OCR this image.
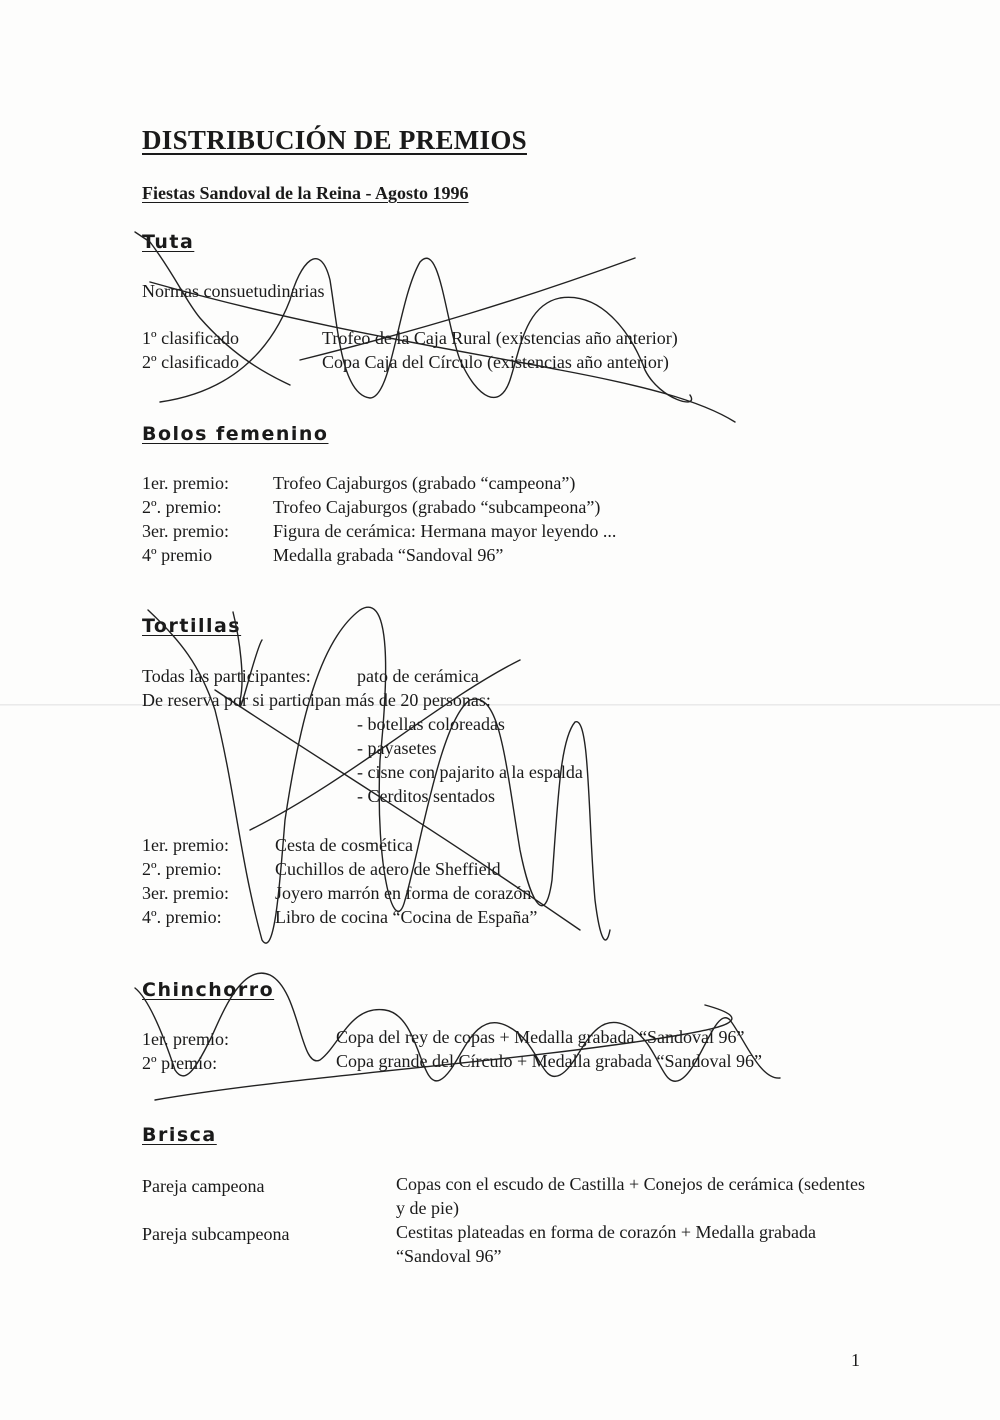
DISTRIBUCIÓN DE PREMIOS
Fiestas Sandoval de la Reina - Agosto 1996
Tuta
Normas consuetudinarias
1º clasificado	Trofeo de la Caja Rural (existencias año anterior)
2º clasificado	Copa Caja del Círculo (existencias año anterior)
Bolos femenino
1er. premio: Trofeo Cajaburgos (grabado “campeona”)
2º. premio:	Trofeo Cajaburgos (grabado “subcampeona”)
3er. premio: Figura de cerámica: Hermana mayor leyendo ...
4º premio	Medalla grabada “Sandoval 96”
Tortillas
Todas las participantes:	pato de cerámica
De reserva por si participan más de 20 personas:
- botellas coloreadas
- payasetes
- cisne con pajarito a la espalda
- Cerditos sentados
1er. premio:	Cesta de cosmética
2º. premio:	Cuchillos de acero de Sheffield
3er. premio:	Joyero marrón en forma de corazón
4º. premio:	Libro de cocina “Cocina de España”
Chinchorro
1er. premio:	Copa del rey de copas + Medalla grabada “Sandoval 96”
2º premio:	Copa grande del Círculo + Medalla grabada “Sandoval 96”
Brisca
Pareja campeona	Copas con el escudo de Castilla + Conejos de cerámica (sedentes y de pie)
Pareja subcampeona	Cestitas plateadas en forma de corazón + Medalla grabada “Sandoval 96”
1
